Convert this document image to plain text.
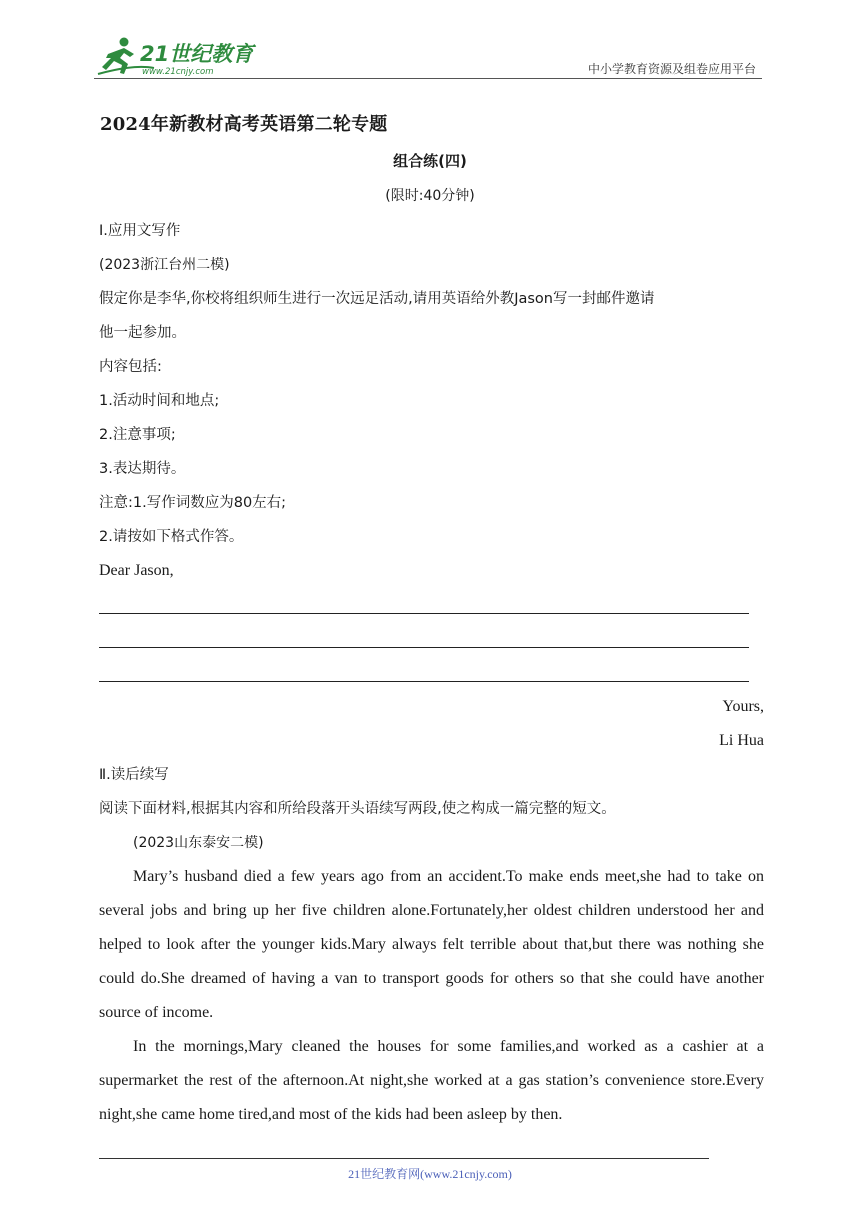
21世纪教育
www.21cnjy.com	中小学教育资源及组卷应用平台
2024年新教材高考英语第二轮专题
组合练(四)
(限时:40分钟)
Ⅰ.应用文写作
(2023浙江台州二模)
假定你是李华,你校将组织师生进行一次远足活动,请用英语给外教Jason写一封邮件邀请
他一起参加。
内容包括:
1.活动时间和地点;
2.注意事项;
3.表达期待。
注意:1.写作词数应为80左右;
2.请按如下格式作答。
Dear Jason,
Yours,
Li Hua
Ⅱ.读后续写
阅读下面材料,根据其内容和所给段落开头语续写两段,使之构成一篇完整的短文。
(2023山东泰安二模)
Mary’s husband died a few years ago from an accident.To make ends meet,she had to take on several jobs and bring up her five children alone.Fortunately,her oldest children understood her and helped to look after the younger kids.Mary always felt terrible about that,but there was nothing she could do.She dreamed of having a van to transport goods for others so that she could have another source of income.
In the mornings,Mary cleaned the houses for some families,and worked as a cashier at a supermarket the rest of the afternoon.At night,she worked at a gas station’s convenience store.Every night,she came home tired,and most of the kids had been asleep by then.
21世纪教育网(www.21cnjy.com)
